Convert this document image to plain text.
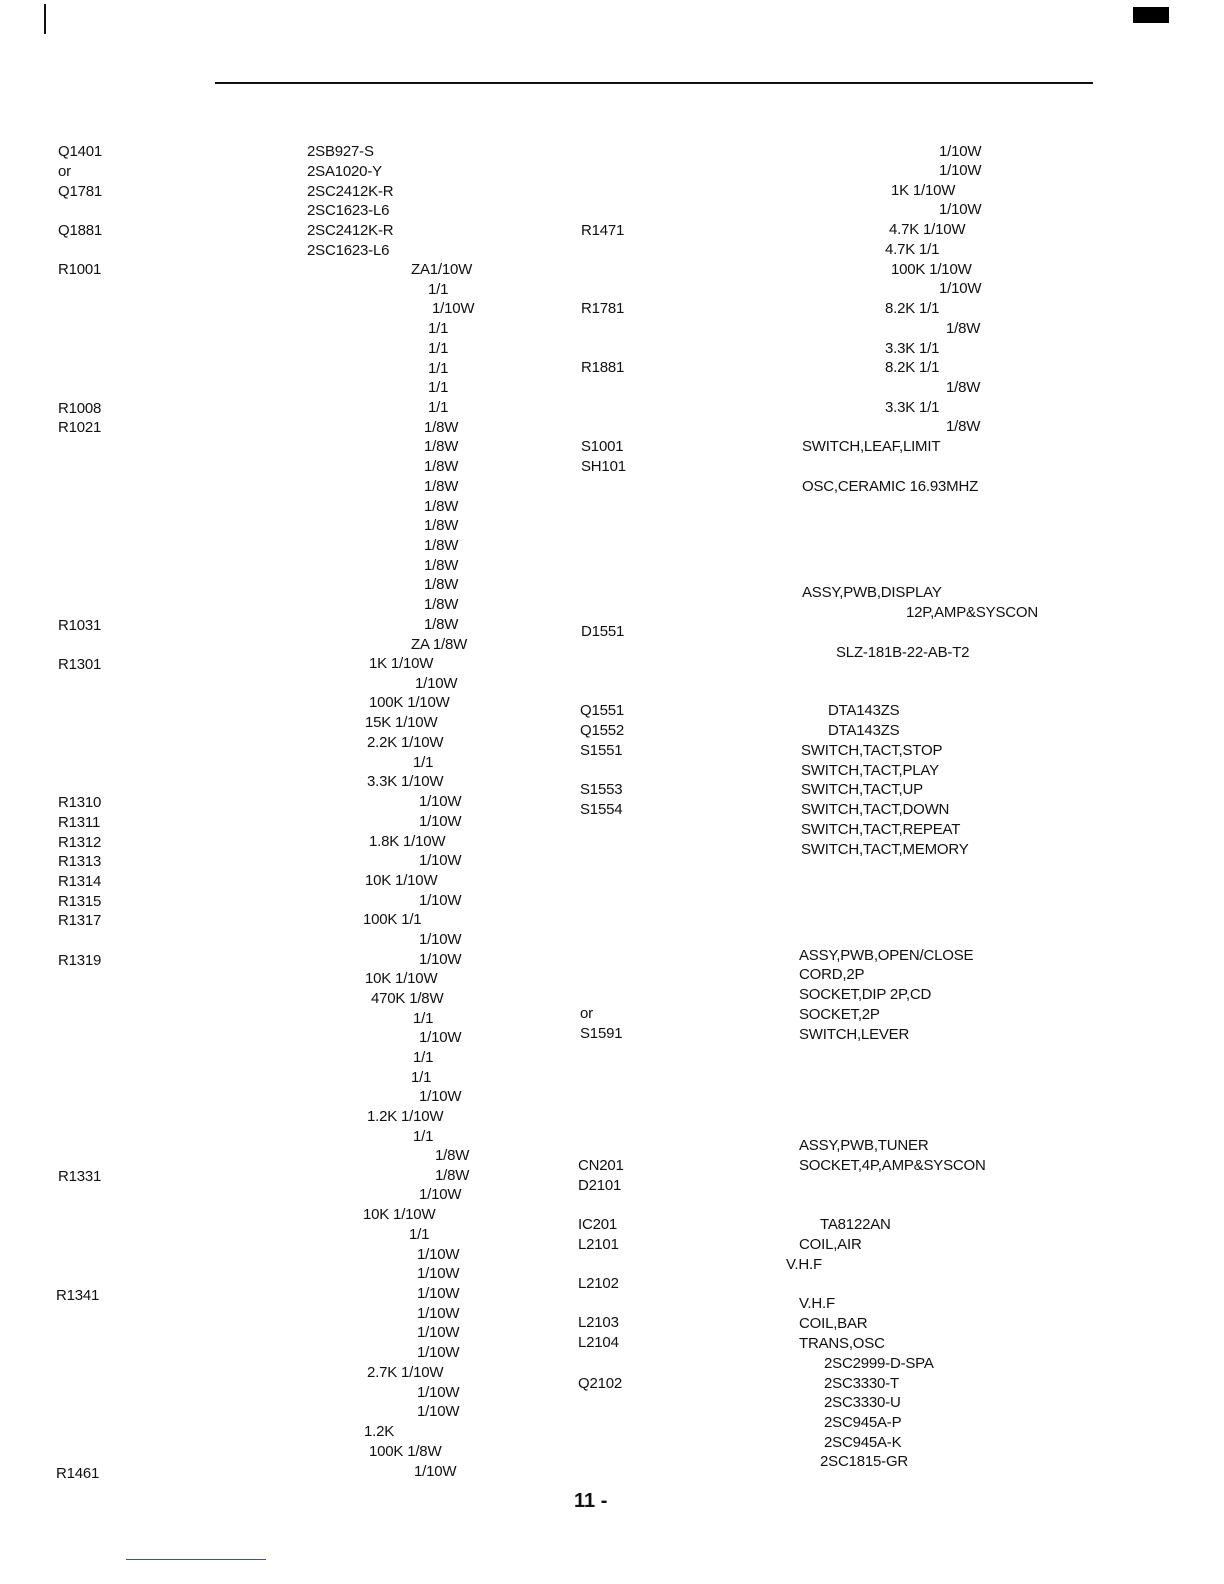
Q1401
or
Q1781
Q1881
R1001
R1008
R1021
R1031
R1301
R1310
R1311
R1312
R1313
R1314
R1315
R1317
R1319
R1331
R1341
R1461
2SB927-S
2SA1020-Y
2SC2412K-R
2SC1623-L6
2SC2412K-R
2SC1623-L6
ZA1/10W
1/1
1/10W
1/1
1/1
1/1
1/1
1/1
1/8W
1/8W
1/8W
1/8W
1/8W
1/8W
1/8W
1/8W
1/8W
1/8W
1/8W
ZA 1/8W
1K 1/10W
1/10W
100K 1/10W
15K 1/10W
2.2K 1/10W
1/1
3.3K 1/10W
1/10W
1/10W
1.8K 1/10W
1/10W
10K 1/10W
1/10W
100K 1/1
1/10W
1/10W
10K 1/10W
470K 1/8W
1/1
1/10W
1/1
1/1
1/10W
1.2K 1/10W
1/1
1/8W
1/8W
1/10W
10K 1/10W
1/1
1/10W
1/10W
1/10W
1/10W
1/10W
1/10W
2.7K 1/10W
1/10W
1/10W
1.2K
100K 1/8W
1/10W
R1471
R1781
R1881
S1001
SH101
D1551
Q1551
Q1552
S1551
S1553
S1554
or
S1591
CN201
D2101
IC201
L2101
L2102
L2103
L2104
Q2102
1/10W
1/10W
1K 1/10W
1/10W
4.7K 1/10W
4.7K 1/1
100K 1/10W
1/10W
8.2K 1/1
1/8W
3.3K 1/1
8.2K 1/1
1/8W
3.3K 1/1
1/8W
SWITCH,LEAF,LIMIT
OSC,CERAMIC 16.93MHZ
ASSY,PWB,DISPLAY
12P,AMP&SYSCON
SLZ-181B-22-AB-T2
DTA143ZS
DTA143ZS
SWITCH,TACT,STOP
SWITCH,TACT,PLAY
SWITCH,TACT,UP
SWITCH,TACT,DOWN
SWITCH,TACT,REPEAT
SWITCH,TACT,MEMORY
ASSY,PWB,OPEN/CLOSE
CORD,2P
SOCKET,DIP 2P,CD
SOCKET,2P
SWITCH,LEVER
ASSY,PWB,TUNER
SOCKET,4P,AMP&SYSCON
TA8122AN
COIL,AIR
V.H.F
V.H.F
COIL,BAR
TRANS,OSC
2SC2999-D-SPA
2SC3330-T
2SC3330-U
2SC945A-P
2SC945A-K
2SC1815-GR
11 -
